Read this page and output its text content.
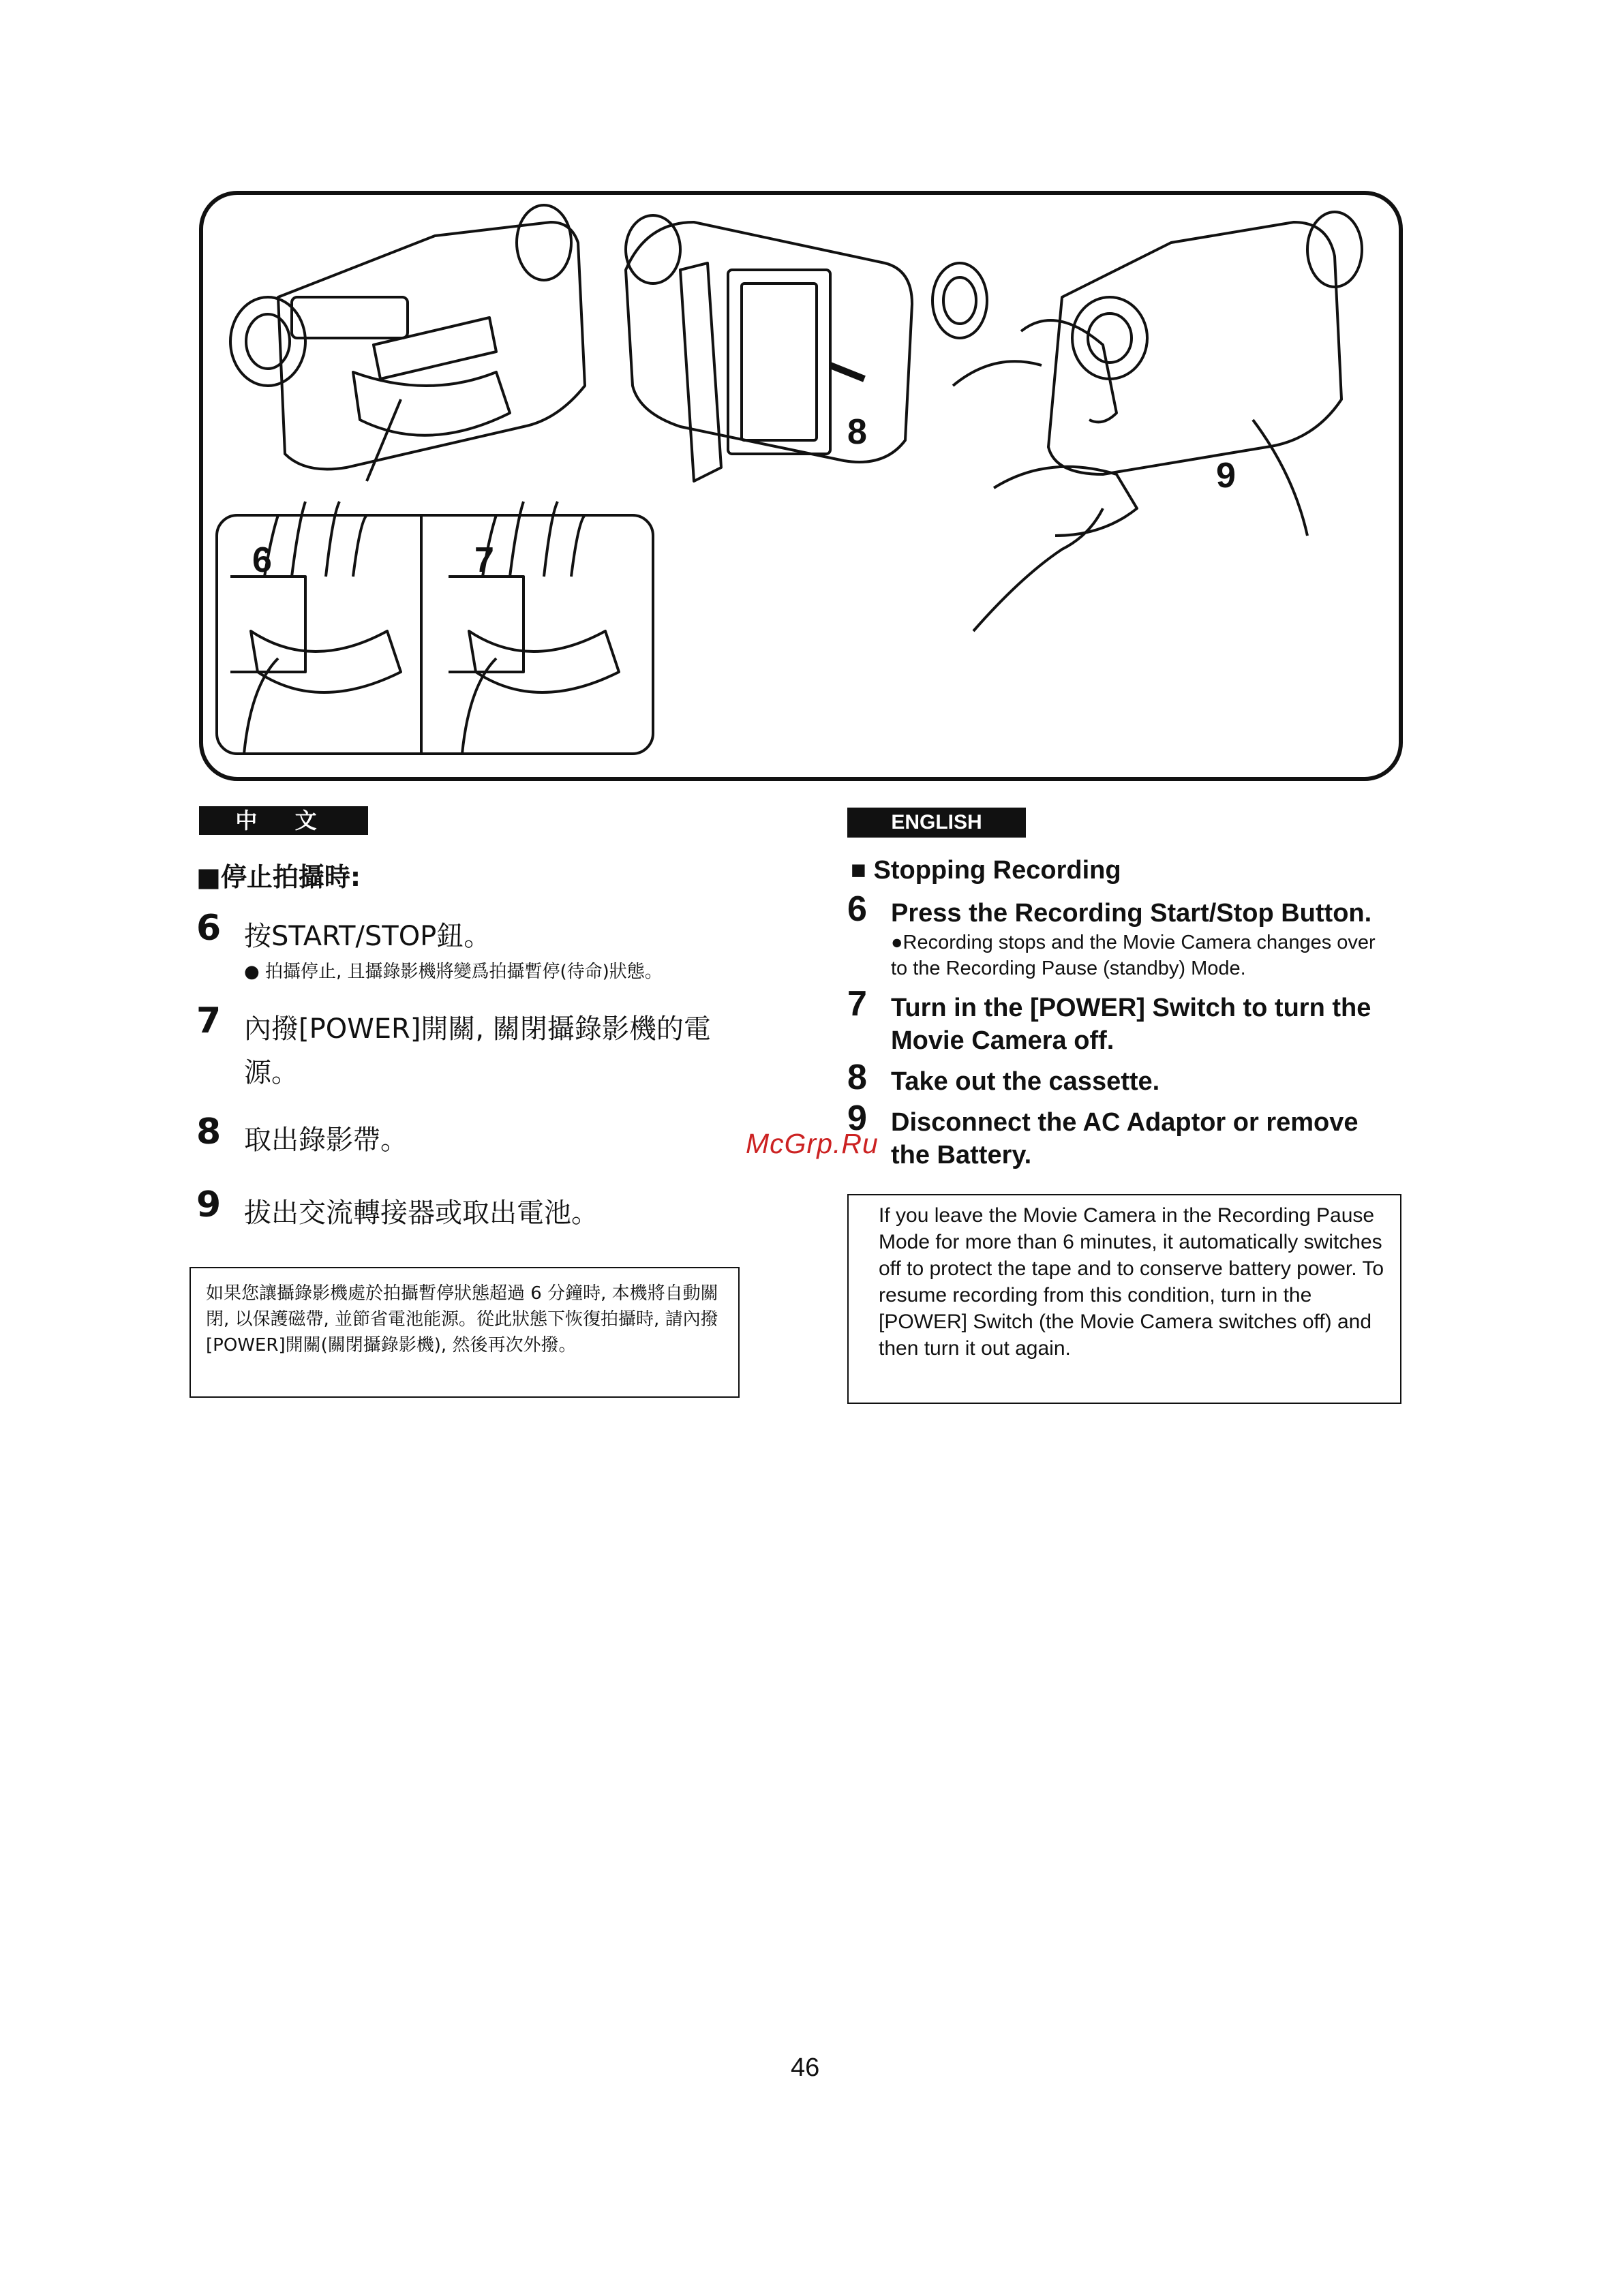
6	7
8
9
中 文
■停止拍攝時:
6 按START/STOP鈕。
● 拍攝停止, 且攝錄影機將變爲拍攝暫停(待命)狀態。
7 內撥[POWER]開關, 關閉攝錄影機的電源。
8 取出錄影帶。
9 拔出交流轉接器或取出電池。
如果您讓攝錄影機處於拍攝暫停狀態超過 6 分鐘時, 本機將自動關閉, 以保護磁帶, 並節省電池能源。從此狀態下恢復拍攝時, 請內撥[POWER]開關(關閉攝錄影機), 然後再次外撥。
McGrp.Ru
ENGLISH
■ Stopping Recording
6 Press the Recording Start/Stop Button.
●Recording stops and the Movie Camera changes over to the Recording Pause (standby) Mode.
7 Turn in the [POWER] Switch to turn the Movie Camera off.
8 Take out the cassette.
9 Disconnect the AC Adaptor or remove the Battery.
If you leave the Movie Camera in the Recording Pause Mode for more than 6 minutes, it automatically switches off to protect the tape and to conserve battery power. To resume recording from this condition, turn in the [POWER] Switch (the Movie Camera switches off) and then turn it out again.
46
